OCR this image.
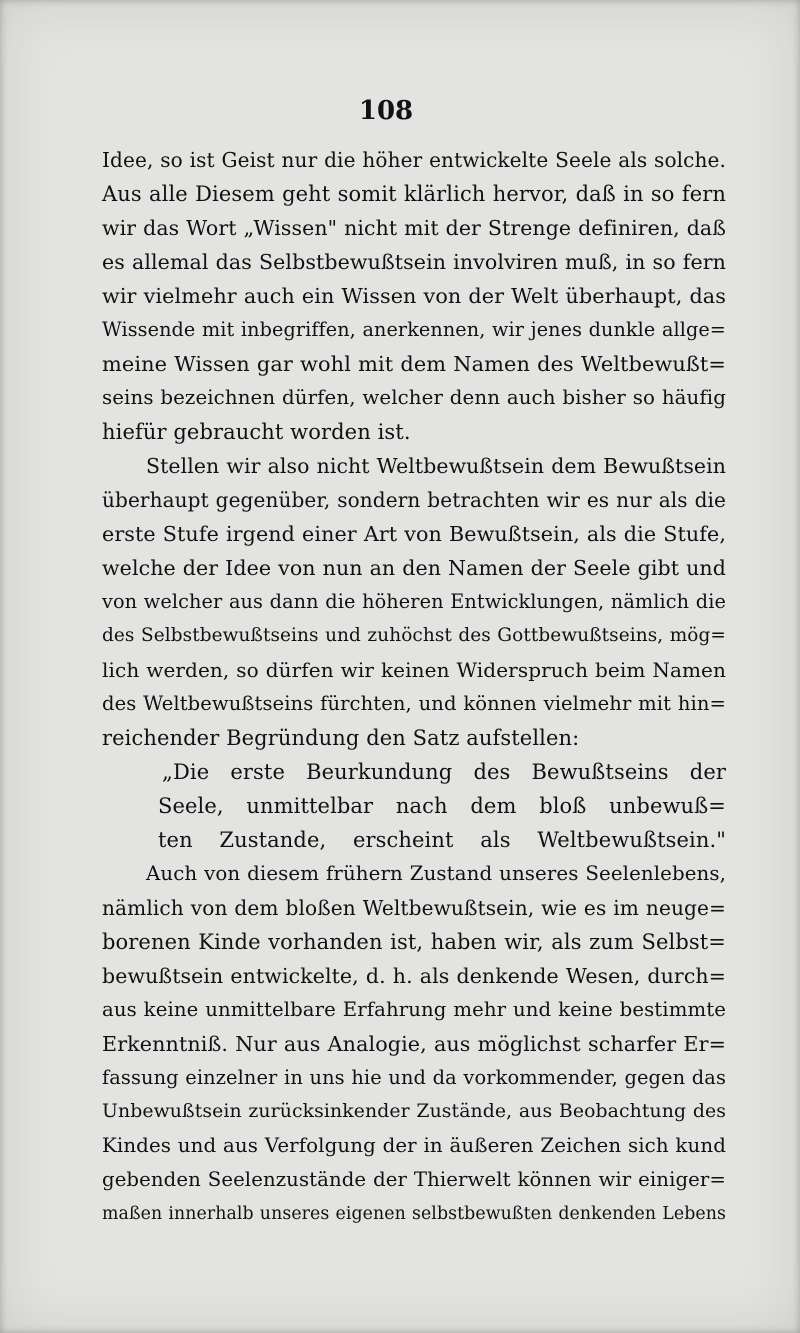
108
Idee, so ist Geist nur die höher entwickelte Seele als solche.
Aus alle Diesem geht somit klärlich hervor, daß in so fern
wir das Wort „Wissen" nicht mit der Strenge definiren, daß
es allemal das Selbstbewußtsein involviren muß, in so fern
wir vielmehr auch ein Wissen von der Welt überhaupt, das
Wissende mit inbegriffen, anerkennen, wir jenes dunkle allge=
meine Wissen gar wohl mit dem Namen des Weltbewußt=
seins bezeichnen dürfen, welcher denn auch bisher so häufig
hiefür gebraucht worden ist.
Stellen wir also nicht Weltbewußtsein dem Bewußtsein
überhaupt gegenüber, sondern betrachten wir es nur als die
erste Stufe irgend einer Art von Bewußtsein, als die Stufe,
welche der Idee von nun an den Namen der Seele gibt und
von welcher aus dann die höheren Entwicklungen, nämlich die
des Selbstbewußtseins und zuhöchst des Gottbewußtseins, mög=
lich werden, so dürfen wir keinen Widerspruch beim Namen
des Weltbewußtseins fürchten, und können vielmehr mit hin=
reichender Begründung den Satz aufstellen:
„Die erste Beurkundung des Bewußtseins der
Seele, unmittelbar nach dem bloß unbewuß=
ten Zustande, erscheint als Weltbewußtsein."
Auch von diesem frühern Zustand unseres Seelenlebens,
nämlich von dem bloßen Weltbewußtsein, wie es im neuge=
borenen Kinde vorhanden ist, haben wir, als zum Selbst=
bewußtsein entwickelte, d. h. als denkende Wesen, durch=
aus keine unmittelbare Erfahrung mehr und keine bestimmte
Erkenntniß. Nur aus Analogie, aus möglichst scharfer Er=
fassung einzelner in uns hie und da vorkommender, gegen das
Unbewußtsein zurücksinkender Zustände, aus Beobachtung des
Kindes und aus Verfolgung der in äußeren Zeichen sich kund
gebenden Seelenzustände der Thierwelt können wir einiger=
maßen innerhalb unseres eigenen selbstbewußten denkenden Lebens
